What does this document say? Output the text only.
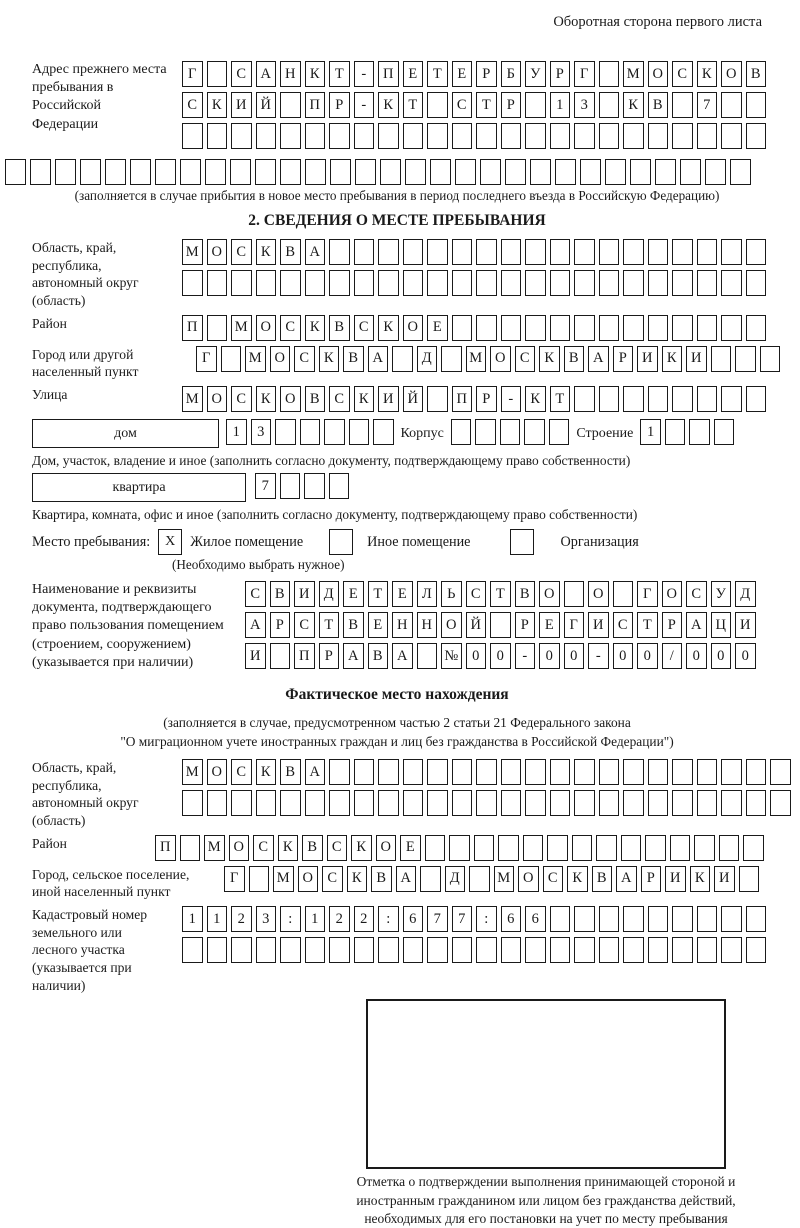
Оборотная сторона первого листа
Адрес прежнего места пребывания в Российской Федерации
Г	С А Н К	Т	-	П	Е	Т	Е	Р	Б	У	Р	Г	М О С	К О В
С	К И Й	П	Р	-	К	Т	С	Т	Р	1	3	К	В	7
(заполняется в случае прибытия в новое место пребывания в период последнего въезда в Российскую Федерацию)
2. СВЕДЕНИЯ О МЕСТЕ ПРЕБЫВАНИЯ
Область, край, республика, автономный округ (область)
М О С	К	В А
Район	П	М О С	К	В	С	К О	Е
Город или другой населенный пункт
Г	М О С	К	В А	Д	М О С	К	В А	Р	И К И
Улица	М О С	К О В	С	К И Й	П	Р	-	К	Т
дом	1	3	Корпус	Строение 1
Дом, участок, владение и иное (заполнить согласно документу, подтверждающему право собственности)
квартира	7
Квартира, комната, офис и иное (заполнить согласно документу, подтверждающему право собственности)
Место пребывания:	X	Жилое помещение	Иное помещение	Организация
(Необходимо выбрать нужное)
Наименование и реквизиты документа, подтверждающего право пользования помещением (строением, сооружением) (указывается при наличии)
С	В И Д	Е	Т	Е	Л	Ь	С	Т	В О	О	Г	О С	У Д
А	Р	С	Т	В	Е	Н Н О Й	Р	Е	Г	И С	Т	Р	А Ц И
И	П	Р	А В А	№ 0	0	-	0	0	-	0	0	/	0	0	0
Фактическое место нахождения
(заполняется в случае, предусмотренном частью 2 статьи 21 Федерального закона
"О миграционном учете иностранных граждан и лиц без гражданства в Российской Федерации")
Область, край, республика, автономный округ (область)
М О С	К	В А
Район	П	М О С	К	В	С	К О	Е
Город, сельское поселение, иной населенный пункт
Г	М О С	К	В А	Д	М О С	К	В А	Р	И К И
Кадастровый номер земельного или лесного участка (указывается при наличии)
1	1	2	3	:	1	2	2	:	6	7	7	:	6	6
Отметка о подтверждении выполнения принимающей стороной и иностранным гражданином или лицом без гражданства действий, необходимых для его постановки на учет по месту пребывания
